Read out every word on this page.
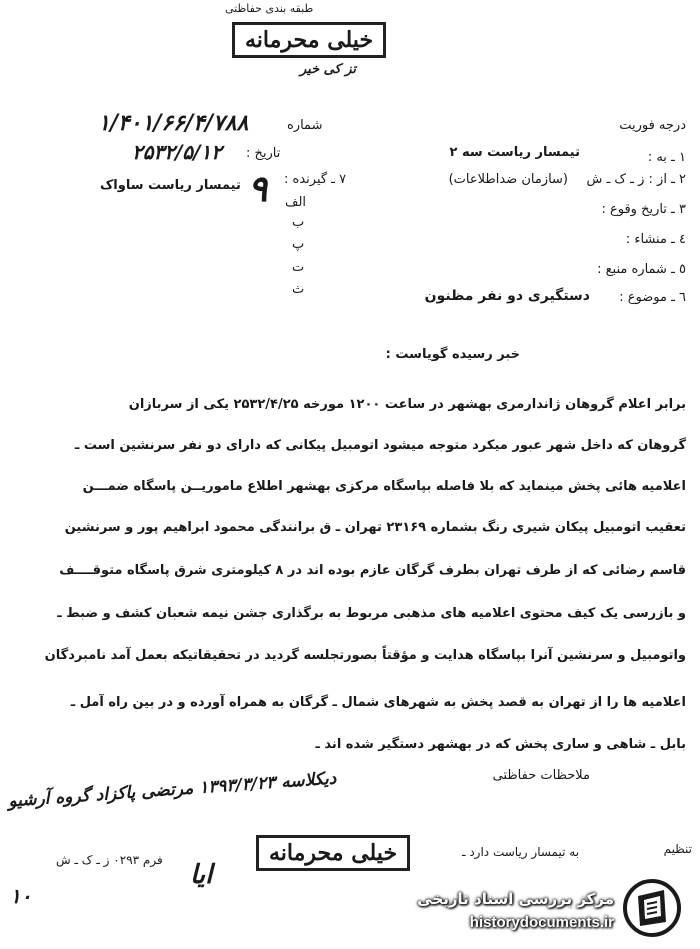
طبقه بندی حفاظتی
خیلی محرمانه
تز کی خیر
۱/۴۰۱/۶۶/۴/۷۸۸	شماره
۲۵۳۲/۵/۱۲ تاریخ :
درجه فوریت
۱ ـ به :
تیمسار ریاست سه ۲
۲ ـ از : ز ـ ک ـ ش
(سازمان ضداطلاعات)
۳ ـ تاریخ وقوع :
٤ ـ منشاء :
٥ ـ شماره منبع :
٦ ـ موضوع :
دستگیری دو نفر مظنون
۷ ـ گیرنده :
۹
تیمسار ریاست ساواک
الف
ب
پ
ت
ث
خبر رسیده گویاست :
برابر اعلام گروهان ژاندارمری بهشهر در ساعت ۱۲۰۰ مورخه ۲۵۳۲/۴/۲۵ یکی از سربازان
گروهان که داخل شهر عبور میکرد متوجه میشود اتومبیل پیکانی که دارای دو نفر سرنشین است ـ
اعلامیه هائی پخش مینماید که بلا فاصله بپاسگاه مرکزی بهشهر اطلاع ماموریــن پاسگاه ضمـــن
تعقیب اتومبیل پیکان شیری رنگ بشماره ۲۳۱۶۹ تهران ـ ق برانندگی محمود ابراهیم پور و سرنشین
قاسم رضائی که از طرف تهران بطرف گرگان عازم بوده اند در ۸ کیلومتری شرق پاسگاه متوقــــف
و بازرسی یک کیف محتوی اعلامیه های مذهبی مربوط به برگذاری جشن نیمه شعبان کشف و ضبط ـ
واتومبیل و سرنشین آنرا بپاسگاه هدایت و مؤقتاً بصورتجلسه گردید در تحقیقاتیکه بعمل آمد نامبردگان
اعلامیه ها را از تهران به قصد پخش به شهرهای شمال ـ گرگان به همراه آورده و در بین راه آمل ـ
بابل ـ شاهی و ساری پخش که در بهشهر دستگیر شده اند ـ
ملاحظات حفاظتی
دیکلاسه ۱۳۹۳/۳/۲۳ مرتضی پاکزاد گروه آرشیو
خیلی محرمانه	به تیمسار ریاست دارد ـ	تنظیم
فرم ۰۲۹۳ ز ـ ک ـ ش ایا
۱۰	مرکز بررسی اسناد تاریخی
historydocuments.ir
